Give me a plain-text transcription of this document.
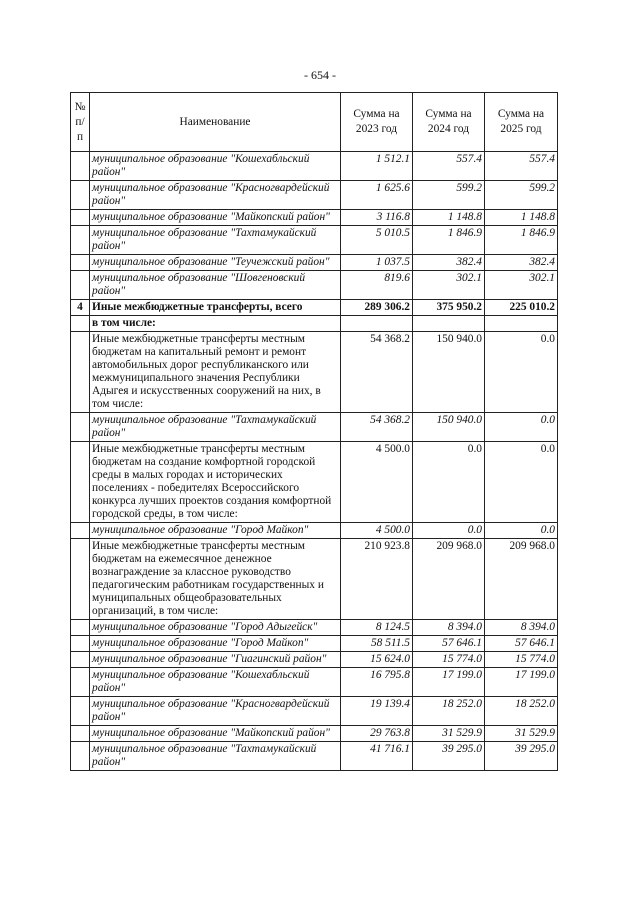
- 654 -
№ п/п	Наименование	Сумма на 2023 год	Сумма на 2024 год	Сумма на 2025 год
	муниципальное образование "Кошехабльский район"	1 512.1	557.4	557.4
	муниципальное образование "Красногвардейский район"	1 625.6	599.2	599.2
	муниципальное образование "Майкопский район"	3 116.8	1 148.8	1 148.8
	муниципальное образование "Тахтамукайский район"	5 010.5	1 846.9	1 846.9
	муниципальное образование "Теучежский район"	1 037.5	382.4	382.4
	муниципальное образование "Шовгеновский район"	819.6	302.1	302.1
4	Иные межбюджетные трансферты, всего	289 306.2	375 950.2	225 010.2
	в том числе:			
	Иные межбюджетные трансферты местным бюджетам на капитальный ремонт и ремонт автомобильных дорог республиканского или межмуниципального значения Республики Адыгея и искусственных сооружений на них, в том числе:	54 368.2	150 940.0	0.0
	муниципальное образование "Тахтамукайский район"	54 368.2	150 940.0	0.0
	Иные межбюджетные трансферты местным бюджетам на создание комфортной городской среды в малых городах и исторических поселениях - победителях Всероссийского конкурса лучших проектов создания комфортной городской среды, в том числе:	4 500.0	0.0	0.0
	муниципальное образование "Город Майкоп"	4 500.0	0.0	0.0
	Иные межбюджетные трансферты местным бюджетам на ежемесячное денежное вознаграждение за классное руководство педагогическим работникам государственных и муниципальных общеобразовательных организаций, в том числе:	210 923.8	209 968.0	209 968.0
	муниципальное образование "Город Адыгейск"	8 124.5	8 394.0	8 394.0
	муниципальное образование "Город Майкоп"	58 511.5	57 646.1	57 646.1
	муниципальное образование "Гиагинский район"	15 624.0	15 774.0	15 774.0
	муниципальное образование "Кошехабльский район"	16 795.8	17 199.0	17 199.0
	муниципальное образование "Красногвардейский район"	19 139.4	18 252.0	18 252.0
	муниципальное образование "Майкопский район"	29 763.8	31 529.9	31 529.9
	муниципальное образование "Тахтамукайский район"	41 716.1	39 295.0	39 295.0
